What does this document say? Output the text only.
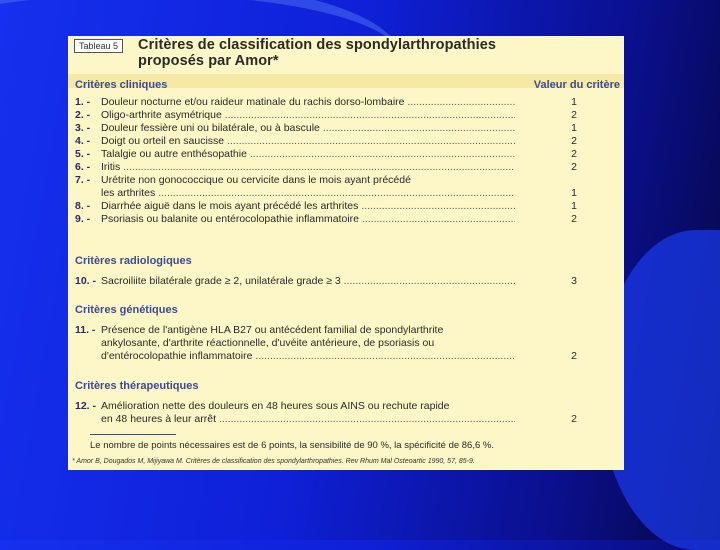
Tableau 5	Critères de classification des spondylarthropathies
proposés par Amor*
Critères cliniques	Valeur du critère
1. -	Douleur nocturne et/ou raideur matinale du rachis dorso-lombaire .....	1
2. -	Oligo-arthrite asymétrique .....	2
3. -	Douleur fessière uni ou bilatérale, ou à bascule .....	1
4. -	Doigt ou orteil en saucisse .....	2
5. -	Talalgie ou autre enthésopathie .....	2
6. -	Iritis .....	2
7. -	Urétrite non gonococcique ou cervicite dans le mois ayant précédé
les arthrites .....	1
8. -	Diarrhée aiguë dans le mois ayant précédé les arthrites .....	1
9. -	Psoriasis ou balanite ou entérocolopathie inflammatoire .....	2
Critères radiologiques
10. - Sacroiliite bilatérale grade ≥ 2, unilatérale grade ≥ 3 .....	3
Critères génétiques
11. - Présence de l'antigène HLA B27 ou antécédent familial de spondylarthrite
ankylosante, d'arthrite réactionnelle, d'uvéite antérieure, de psoriasis ou
d'entérocolopathie inflammatoire .....	2
Critères thérapeutiques
12. - Amélioration nette des douleurs en 48 heures sous AINS ou rechute rapide
en 48 heures à leur arrêt .....	2
Le nombre de points nécessaires est de 6 points, la sensibilité de 90 %, la spécificité de 86,6 %.
* Amor B, Dougados M, Mijiyawa M. Critères de classification des spondylarthropathies. Rev Rhum Mal Osteoartic 1990, 57, 85-9.
